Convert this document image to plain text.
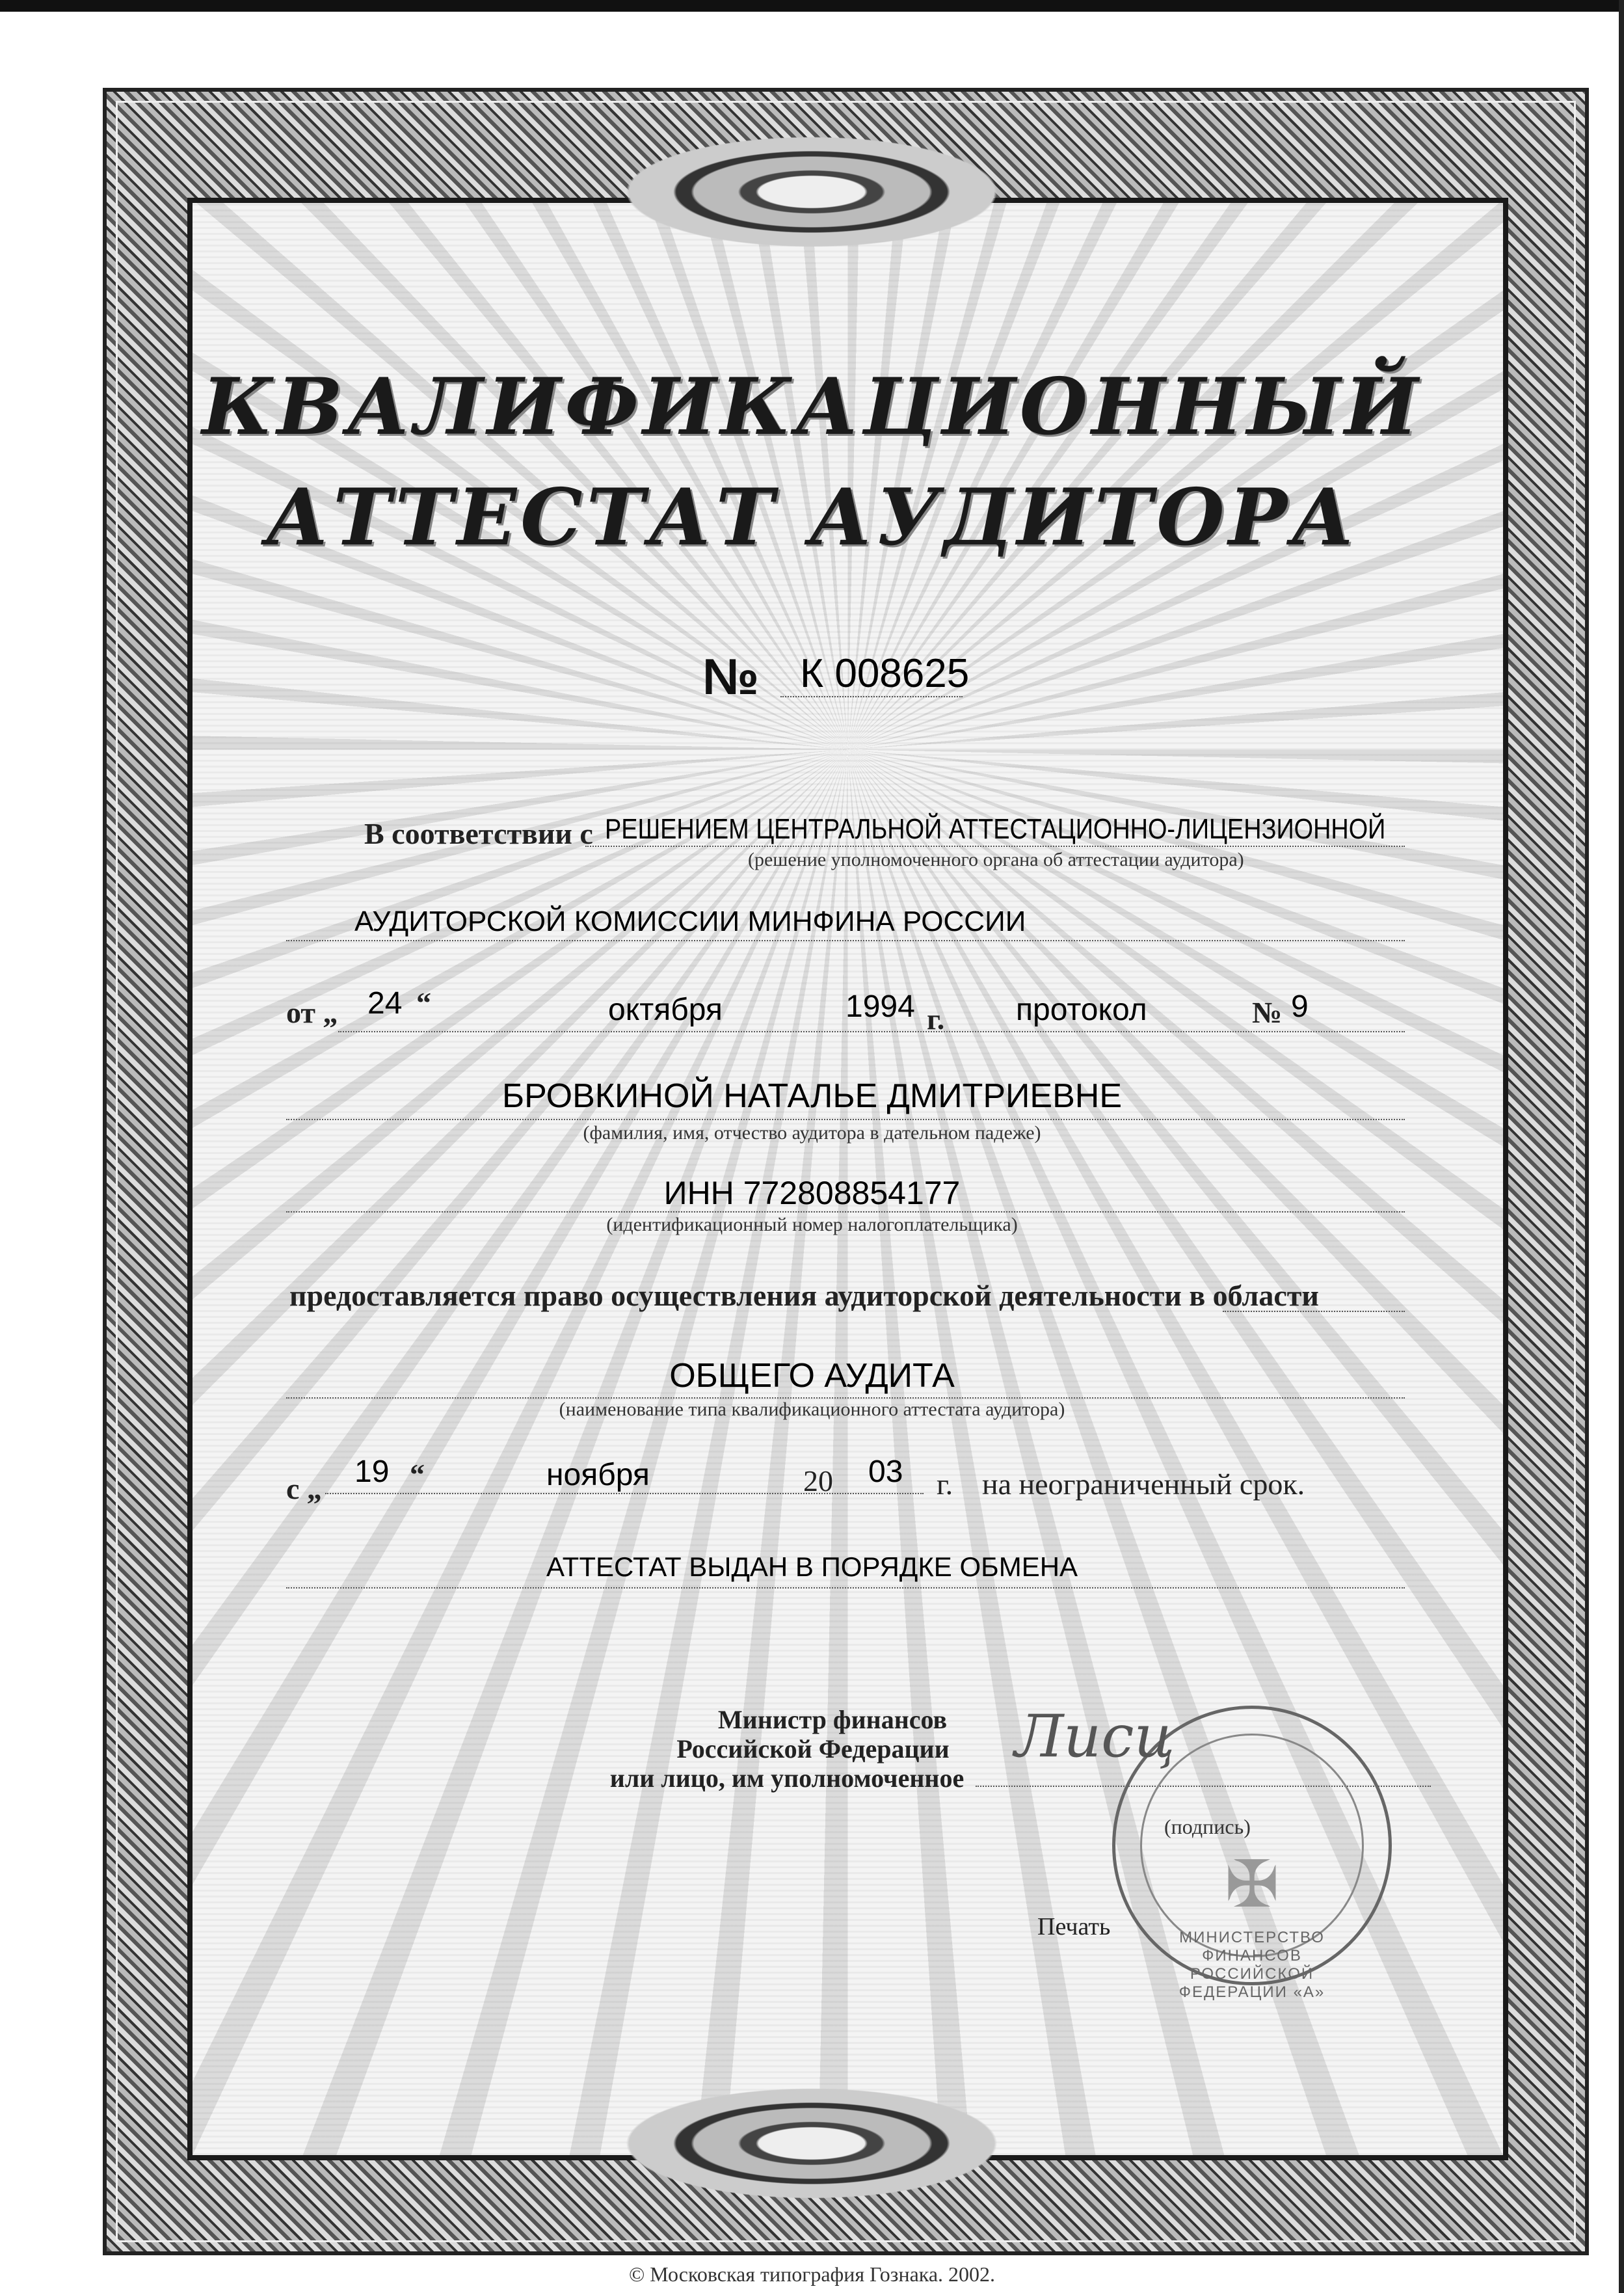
КВАЛИФИКАЦИОННЫЙ
АТТЕСТАТ АУДИТОРА
№ К 008625
В соответствии с РЕШЕНИЕМ ЦЕНТРАЛЬНОЙ АТТЕСТАЦИОННО-ЛИЦЕНЗИОННОЙ
(решение уполномоченного органа об аттестации аудитора)
АУДИТОРСКОЙ КОМИССИИ МИНФИНА РОССИИ
от „ 24 “	октября	1994 г. протокол	№ 9
БРОВКИНОЙ НАТАЛЬЕ ДМИТРИЕВНЕ
(фамилия, имя, отчество аудитора в дательном падеже)
ИНН 772808854177
(идентификационный номер налогоплательщика)
предоставляется право осуществления аудиторской деятельности в области
ОБЩЕГО АУДИТА
(наименование типа квалификационного аттестата аудитора)
с „ 19 “	ноября	20 03 г. на неограниченный срок.
АТТЕСТАТ ВЫДАН В ПОРЯДКЕ ОБМЕНА
Министр финансов
Российской Федерации
или лицо, им уполномоченное
МИНИСТЕРСТВО ФИНАНСОВ РОССИЙСКОЙ ФЕДЕРАЦИИ «А»
✠
Лисц
(подпись)
Печать
© Московская типография Гознака. 2002.
